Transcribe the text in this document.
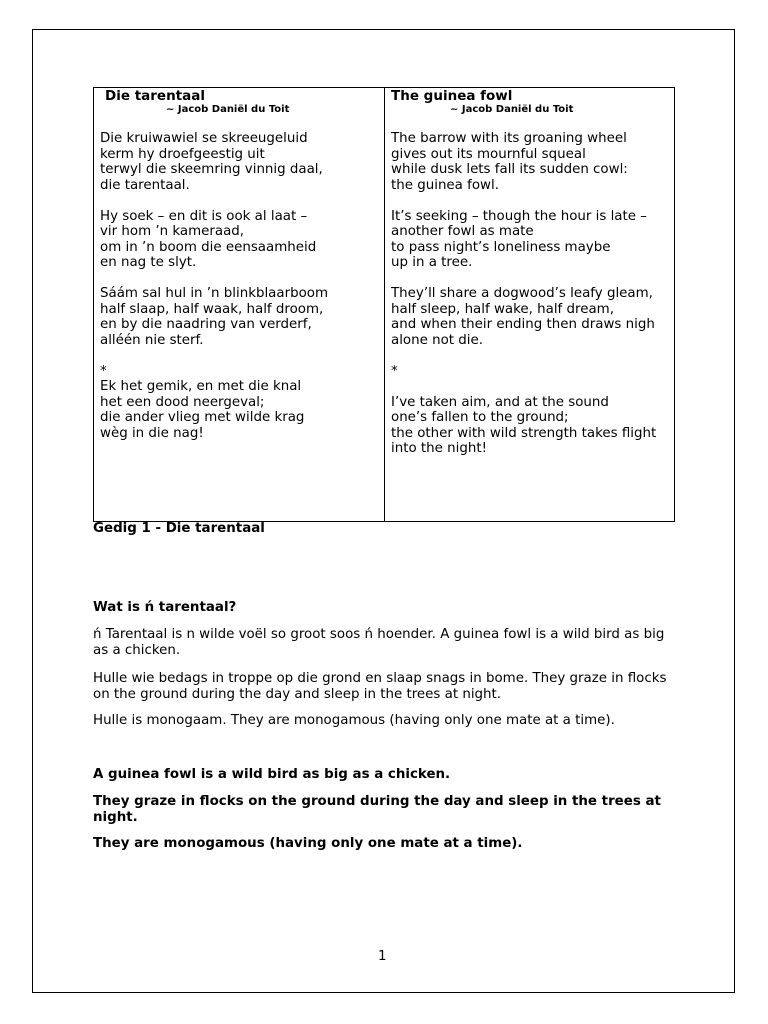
Die tarentaal
~ Jacob Daniël du Toit
Die kruiwawiel se skreeugeluid
kerm hy droefgeestig uit
terwyl die skeemring vinnig daal,
die tarentaal.
Hy soek – en dit is ook al laat –
vir hom ’n kameraad,
om in ’n boom die eensaamheid
en nag te slyt.
Sáám sal hul in ’n blinkblaarboom
half slaap, half waak, half droom,
en by die naadring van verderf,
alléén nie sterf.
*
Ek het gemik, en met die knal
het een dood neergeval;
die ander vlieg met wilde krag
wèg in die nag!
The guinea fowl
~ Jacob Daniël du Toit
The barrow with its groaning wheel
gives out its mournful squeal
while dusk lets fall its sudden cowl:
the guinea fowl.
It’s seeking – though the hour is late –
another fowl as mate
to pass night’s loneliness maybe
up in a tree.
They’ll share a dogwood’s leafy gleam,
half sleep, half wake, half dream,
and when their ending then draws nigh
alone not die.
*
I’ve taken aim, and at the sound
one’s fallen to the ground;
the other with wild strength takes flight
into the night!
Gedig 1 - Die tarentaal
Wat is ń tarentaal?
ń Tarentaal is n wilde voël so groot soos ń hoender. A guinea fowl is a wild bird as big as a chicken.
Hulle wie bedags in troppe op die grond en slaap snags in bome. They graze in flocks on the ground during the day and sleep in the trees at night.
Hulle is monogaam. They are monogamous (having only one mate at a time).
A guinea fowl is a wild bird as big as a chicken.
They graze in flocks on the ground during the day and sleep in the trees at night.
They are monogamous (having only one mate at a time).
1
